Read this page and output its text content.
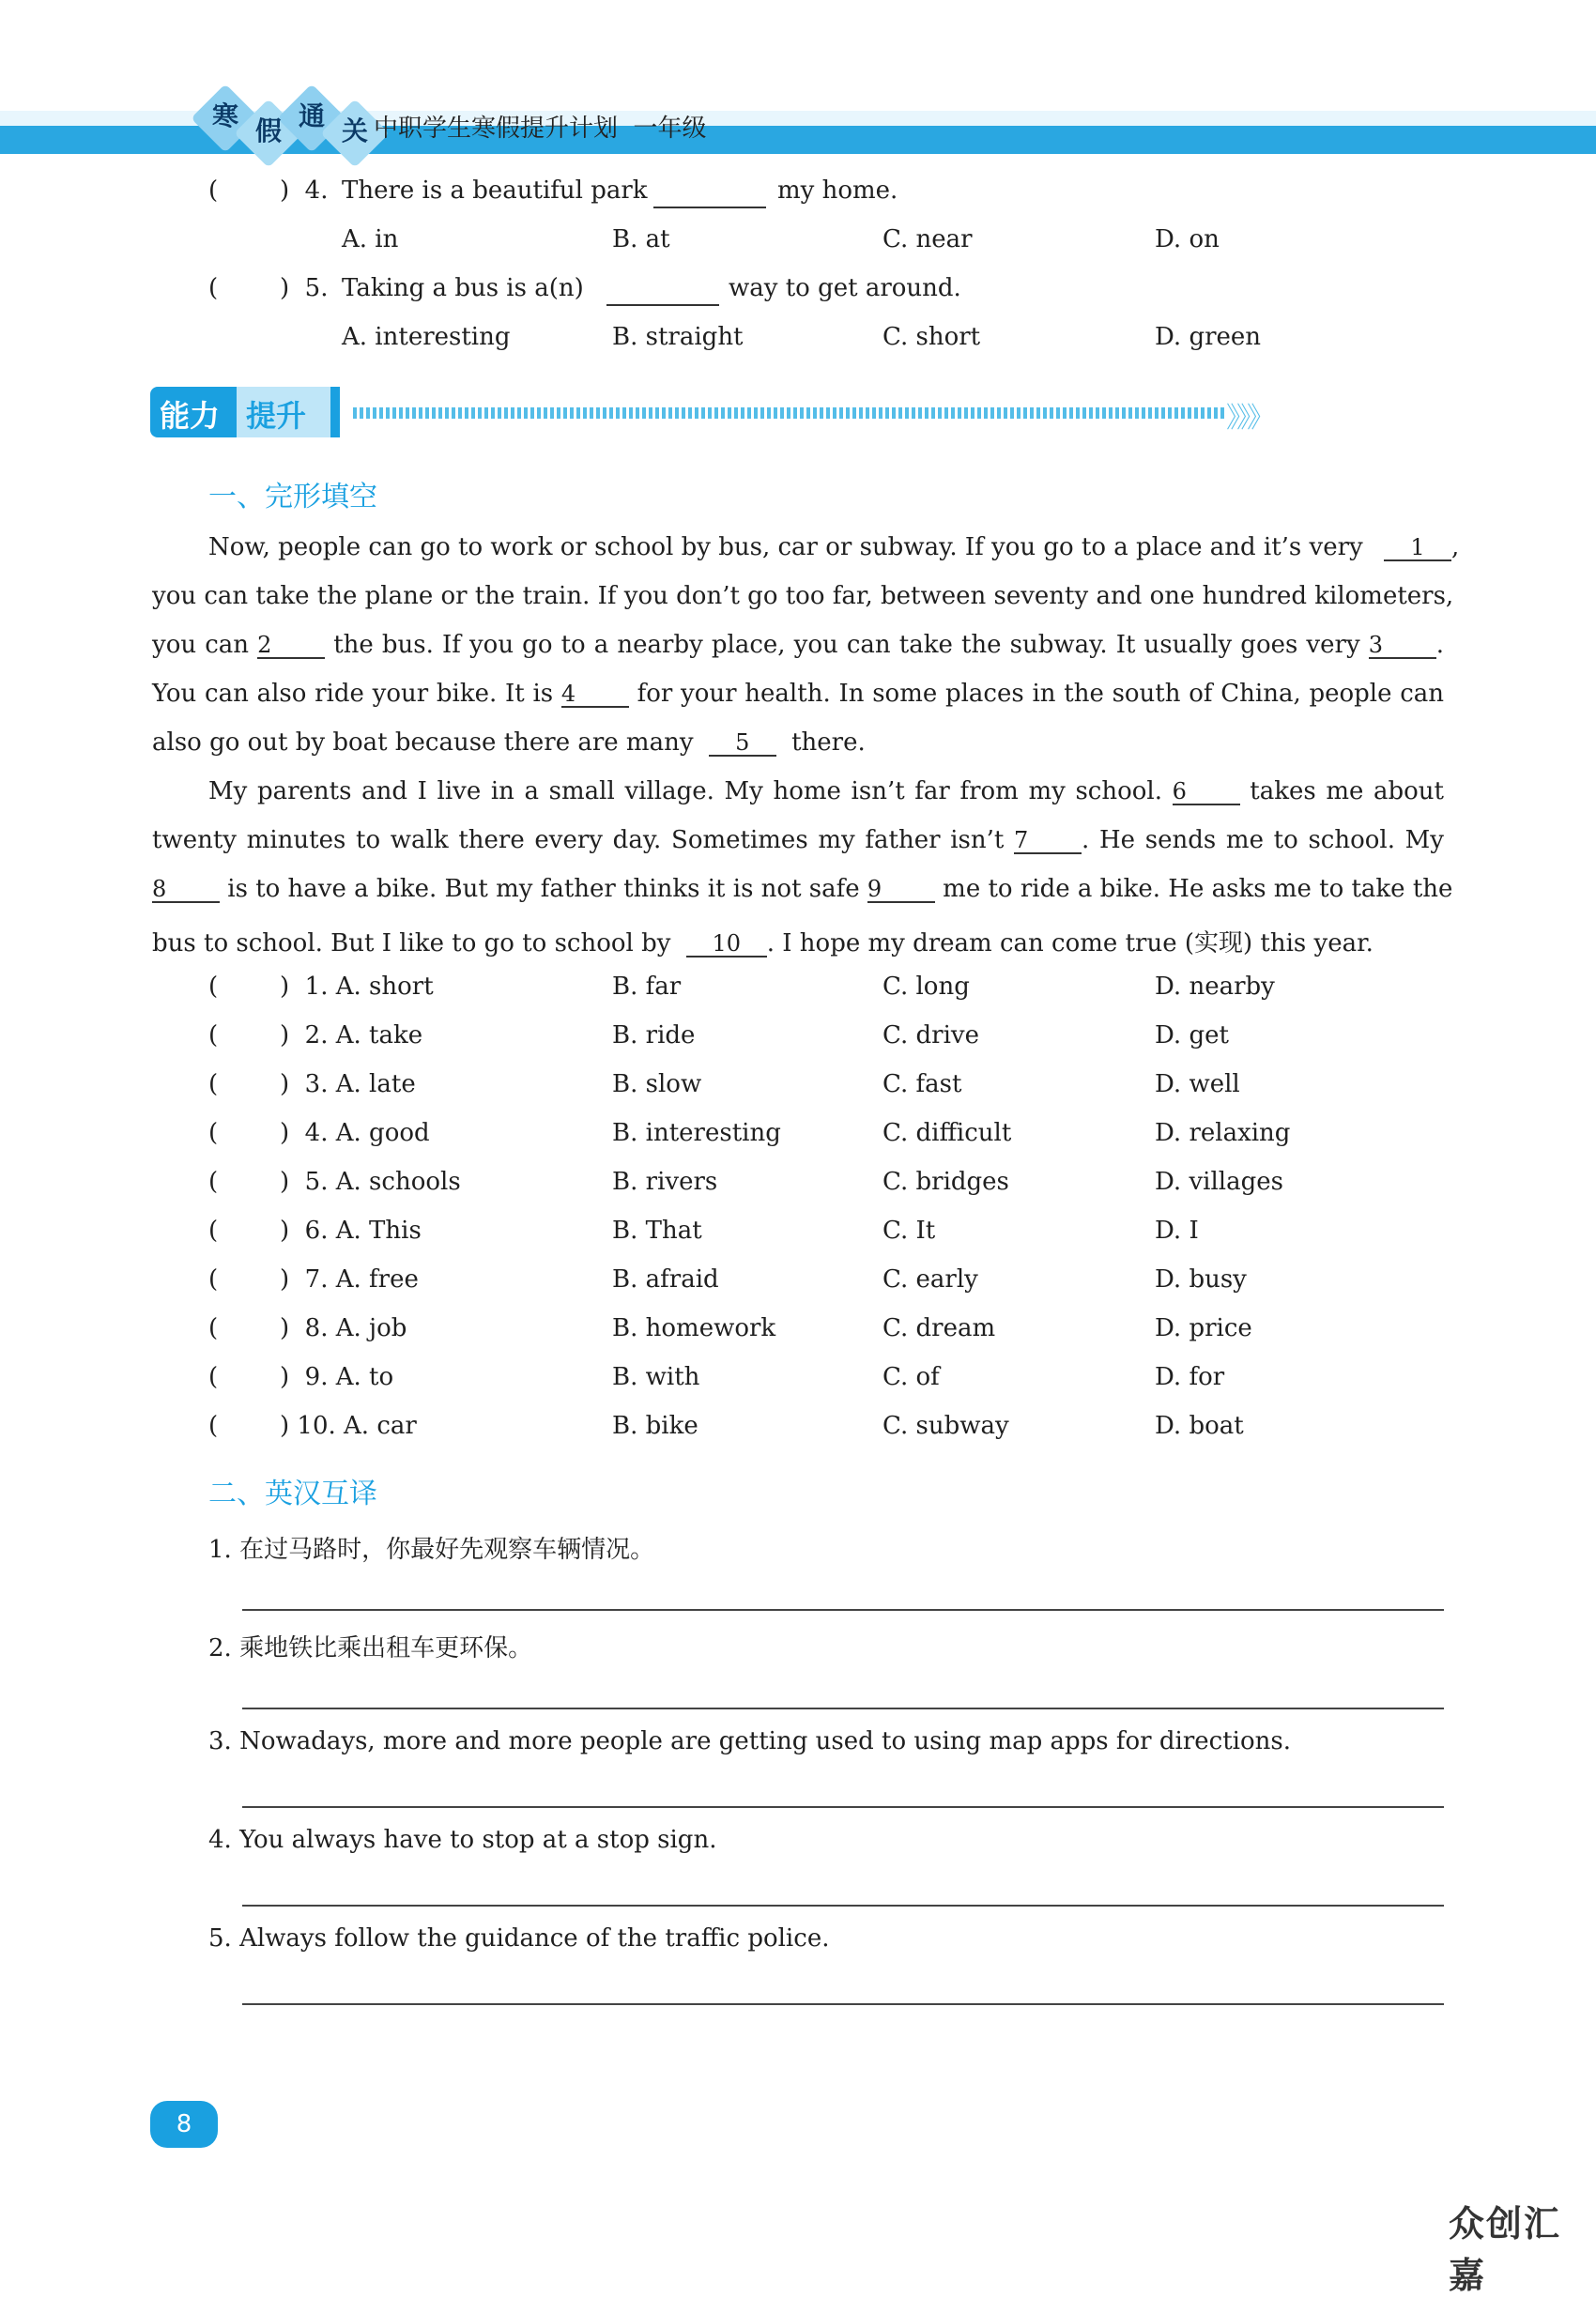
寒 假 通 关 中职学生寒假提升计划  一年级
(	)  4. There is a beautiful park	my home.
A. in	B. at	C. near	D. on
(	)  5. Taking a bus is a(n)	way to get around.
A. interesting	B. straight	C. short	D. green
能力 提升	》》》
一、完形填空
Now, people can go to work or school by bus, car or subway. If you go to a place and it’s very 1 ,
you can take the plane or the train. If you don’t go too far, between seventy and one hundred kilometers,
you can 2	the bus. If you go to a nearby place, you can take the subway. It usually goes very 3 .
You can also ride your bike. It is 4	for your health. In some places in the south of China, people can
also go out by boat because there are many 5 there.
My parents and I live in a small village. My home isn’t far from my school. 6	takes me about
twenty minutes to walk there every day. Sometimes my father isn’t 7 . He sends me to school. My
8 is to have a bike. But my father thinks it is not safe 9 me to ride a bike. He asks me to take the
bus to school. But I like to go to school by 10 . I hope my dream can come true (实现) this year.
(	)  1. A. short	B. far	C. long	D. nearby
(	)  2. A. take	B. ride	C. drive	D. get
(	)  3. A. late	B. slow	C. fast	D. well
(	)  4. A. good	B. interesting	C. difficult	D. relaxing
(	)  5. A. schools	B. rivers	C. bridges	D. villages
(	)  6. A. This	B. That	C. It	D. I
(	)  7. A. free	B. afraid	C. early	D. busy
(	)  8. A. job	B. homework	C. dream	D. price
(	)  9. A. to	B. with	C. of	D. for
(	) 10. A. car	B. bike	C. subway	D. boat
二、英汉互译
1. 在过马路时，你最好先观察车辆情况。
2. 乘地铁比乘出租车更环保。
3. Nowadays, more and more people are getting used to using map apps for directions.
4. You always have to stop at a stop sign.
5. Always follow the guidance of the traffic police.
8
众创汇嘉
